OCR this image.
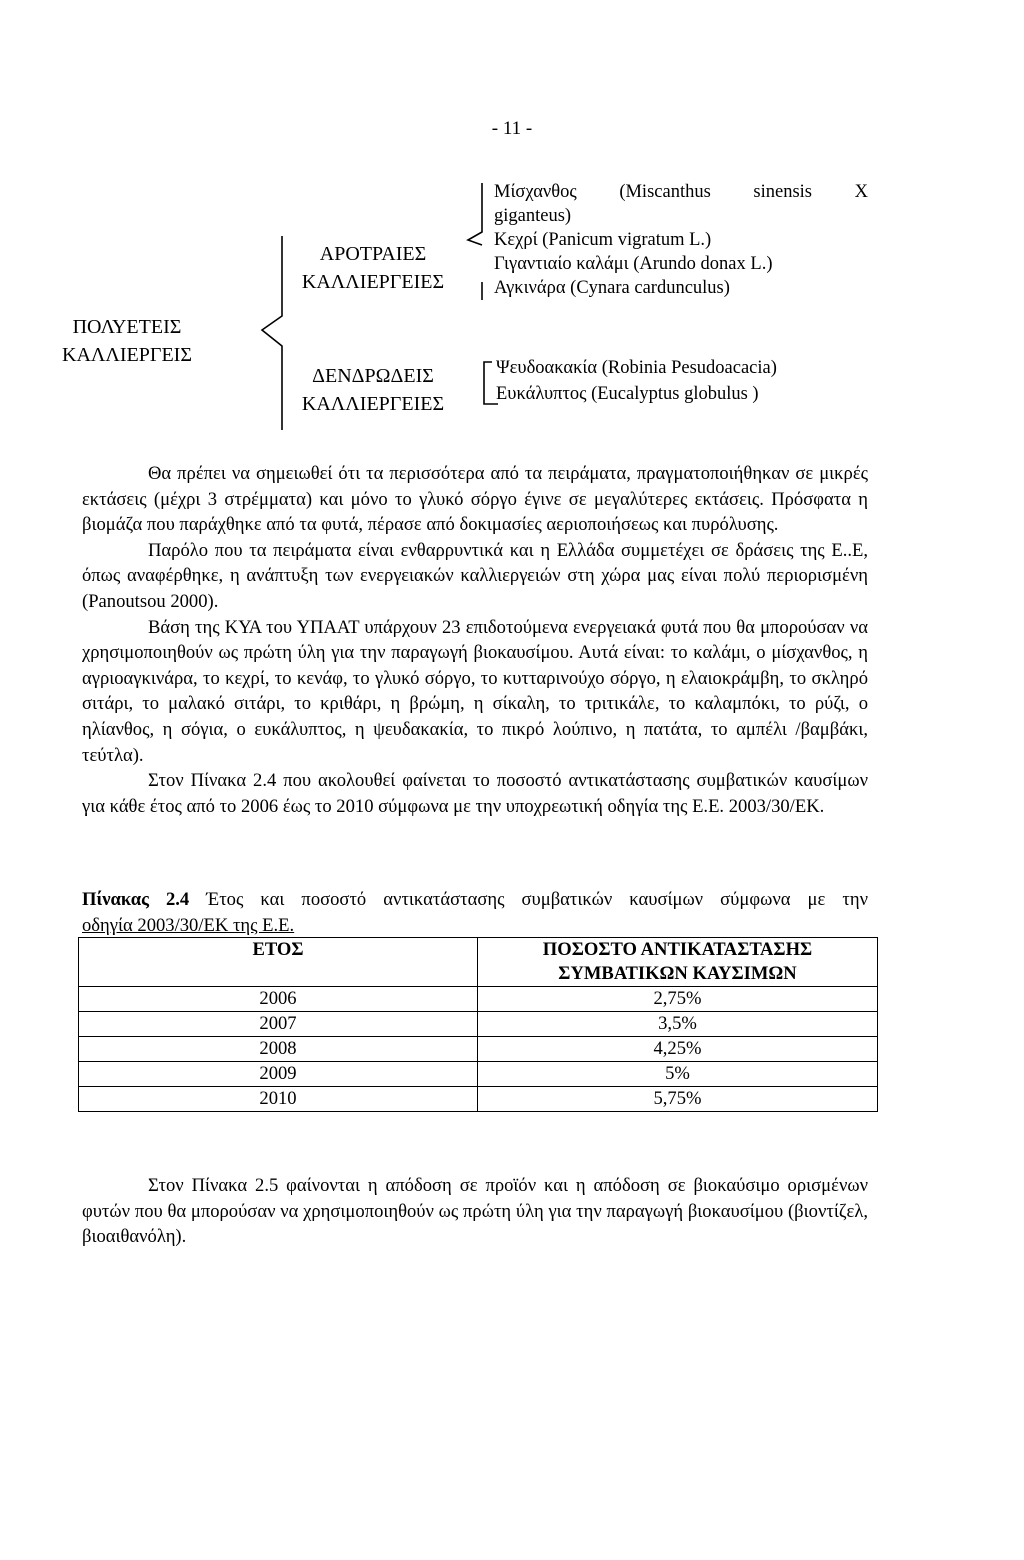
- 11 -
ΠΟΛΥΕΤΕΙΣ
ΚΑΛΛΙΕΡΓΕΙΣ
ΑΡΟΤΡΑΙΕΣ
ΚΑΛΛΙΕΡΓΕΙΕΣ
ΔΕΝΔΡΩΔΕΙΣ
ΚΑΛΛΙΕΡΓΕΙΕΣ
Μίσχανθος (Miscanthus sinensis X
giganteus)
Κεχρί (Panicum vigratum L.)
Γιγαντιαίο καλάμι (Arundo donax L.)
Αγκινάρα (Cynara cardunculus)
Ψευδοακακία (Robinia Pesudoacacia)
Ευκάλυπτος (Eucalyptus globulus )

Θα πρέπει να σημειωθεί ότι τα περισσότερα από τα πειράματα, πραγματοποιήθηκαν σε μικρές εκτάσεις (μέχρι 3 στρέμματα) και μόνο το γλυκό σόργο έγινε σε μεγαλύτερες εκτάσεις. Πρόσφατα η βιομάζα που παράχθηκε από τα φυτά, πέρασε από δοκιμασίες αεριοποιήσεως και πυρόλυσης.

Παρόλο που τα πειράματα είναι ενθαρρυντικά και η Ελλάδα συμμετέχει σε δράσεις της Ε..Ε, όπως αναφέρθηκε, η ανάπτυξη των ενεργειακών καλλιεργειών στη χώρα μας είναι πολύ περιορισμένη (Panoutsou 2000).

Βάση της ΚΥΑ του ΥΠΑΑΤ υπάρχουν 23 επιδοτούμενα ενεργειακά φυτά που θα μπορούσαν να χρησιμοποιηθούν ως πρώτη ύλη για την παραγωγή βιοκαυσίμου. Αυτά είναι: το καλάμι, ο μίσχανθος, η αγριοαγκινάρα, το κεχρί, το κενάφ, το γλυκό σόργο, το κυτταρινούχο σόργο, η ελαιοκράμβη, το σκληρό σιτάρι, το μαλακό σιτάρι, το κριθάρι, η βρώμη, η σίκαλη, το τριτικάλε, το καλαμπόκι, το ρύζι, ο ηλίανθος, η σόγια, ο ευκάλυπτος, η ψευδακακία, το πικρό λούπινο, η πατάτα, το αμπέλι /βαμβάκι, τεύτλα).

Στον Πίνακα 2.4 που ακολουθεί φαίνεται το ποσοστό αντικατάστασης συμβατικών καυσίμων για κάθε έτος από το 2006 έως το 2010 σύμφωνα με την υποχρεωτική οδηγία της Ε.Ε. 2003/30/ΕΚ.

Πίνακας 2.4 Έτος και ποσοστό αντικατάστασης συμβατικών καυσίμων σύμφωνα με την
οδηγία 2003/30/ΕΚ της Ε.Ε.
ΕΤΟΣ	ΠΟΣΟΣΤΟ ΑΝΤΙΚΑΤΑΣΤΑΣΗΣ
ΣΥΜΒΑΤΙΚΩΝ ΚΑΥΣΙΜΩΝ

2006	2,75%
2007	3,5%
2008	4,25%
2009	5%
2010	5,75%

Στον Πίνακα 2.5 φαίνονται η απόδοση σε προϊόν και η απόδοση σε βιοκαύσιμο ορισμένων φυτών που θα μπορούσαν να χρησιμοποιηθούν ως πρώτη ύλη για την παραγωγή βιοκαυσίμου (βιοντίζελ, βιοαιθανόλη).
